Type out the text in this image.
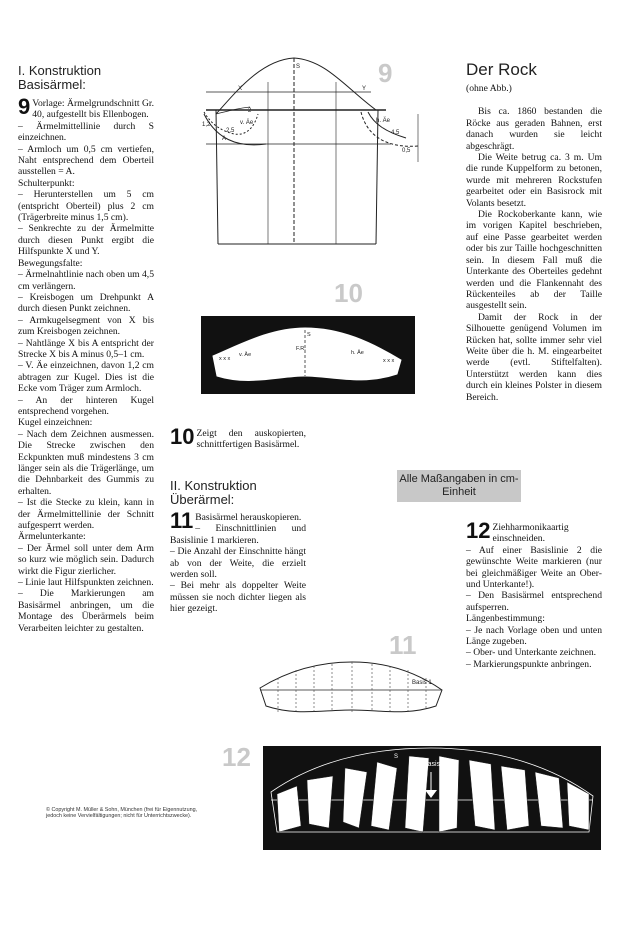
I. Konstruktion
Basisärmel:

9 Vorlage: Ärmelgrundschnitt Gr. 40, aufgestellt bis Ellenbogen.

– Ärmelmittellinie durch S einzeichnen.

– Armloch um 0,5 cm vertiefen, Naht entsprechend dem Oberteil ausstellen = A.

Schulterpunkt:

– Herunterstellen um 5 cm (entspricht Oberteil) plus 2 cm (Trägerbreite minus 1,5 cm).

– Senkrechte zu der Ärmelmitte durch diesen Punkt ergibt die Hilfspunkte X und Y.

Bewegungsfalte:

– Ärmelnahtlinie nach oben um 4,5 cm verlängern.

– Kreisbogen um Drehpunkt A durch diesen Punkt zeichnen.

– Armkugelsegment von X bis zum Kreisbogen zeichnen.

– Nahtlänge X bis A entspricht der Strecke X bis A minus 0,5–1 cm.

– V. Äe einzeichnen, davon 1,2 cm abtragen zur Kugel. Dies ist die Ecke vom Träger zum Armloch.

– An der hinteren Kugel entsprechend vorgehen.

Kugel einzeichnen:

– Nach dem Zeichnen ausmessen. Die Strecke zwischen den Eckpunkten muß mindestens 3 cm länger sein als die Trägerlänge, um die Dehnbarkeit des Gummis zu erhalten.

– Ist die Stecke zu klein, kann in der Ärmelmittellinie der Schnitt aufgesperrt werden.

Ärmelunterkante:

– Der Ärmel soll unter dem Arm so kurz wie möglich sein. Dadurch wirkt die Figur zierlicher.

– Linie laut Hilfspunkten zeichnen.

– Die Markierungen am Basisärmel anbringen, um die Montage des Überärmels beim Verarbeiten leichter zu gestalten.

10 Zeigt den auskopierten, schnittfertigen Basisärmel.

II. Konstruktion
Überärmel:

11 Basisärmel herauskopieren.

– Einschnittlinien und Basislinie 1 markieren.

– Die Anzahl der Einschnitte hängt ab von der Weite, die erzielt werden soll.

– Bei mehr als doppelter Weite müssen sie noch dichter liegen als hier gezeigt.

Der Rock
(ohne Abb.)

Bis ca. 1860 bestanden die Röcke aus geraden Bahnen, erst danach wurden sie leicht abgeschrägt.

Die Weite betrug ca. 3 m. Um die runde Kuppelform zu betonen, wurde mit mehreren Rockstufen gearbeitet oder ein Basisrock mit Volants besetzt.

Die Rockoberkante kann, wie im vorigen Kapitel beschrieben, auf eine Passe gearbeitet werden oder bis zur Taille hochgeschnitten sein. In diesem Fall muß die Unterkante des Oberteiles gedehnt werden und die Flankennaht des Rückenteiles ab der Taille ausgestellt sein.

Damit der Rock in der Silhouette genügend Volumen im Rücken hat, sollte immer sehr viel Weite über die h. M. eingearbeitet werde (evtl. Stiftelfalten). Unterstützt werden kann dies durch ein kleines Polster in diesem Bereich.

Alle Maßangaben in cm-Einheit

12 Ziehharmonikaartig einschneiden.

– Auf einer Basislinie 2 die gewünschte Weite markieren (nur bei gleichmäßiger Weite an Ober- und Unterkante!).

– Den Basisärmel entsprechend aufsperren.

Längenbestimmung:

– Je nach Vorlage oben und unten Länge zugeben.

– Ober- und Unterkante zeichnen.

– Markierungspunkte anbringen.

9
X	Y
S
A
h. Äe
v. Äe
0,5
2,5
2
4,5
1,2
10
x x x
v. Äe	h. Äe
x x x
F.R.
S
11
Basis 1
12	Basis 2
S
60
x x x
© Copyright M. Müller & Sohn, München (frei für Eigennutzung, jedoch keine Vervielfältigungen; nicht für Unterrichtszwecke).
